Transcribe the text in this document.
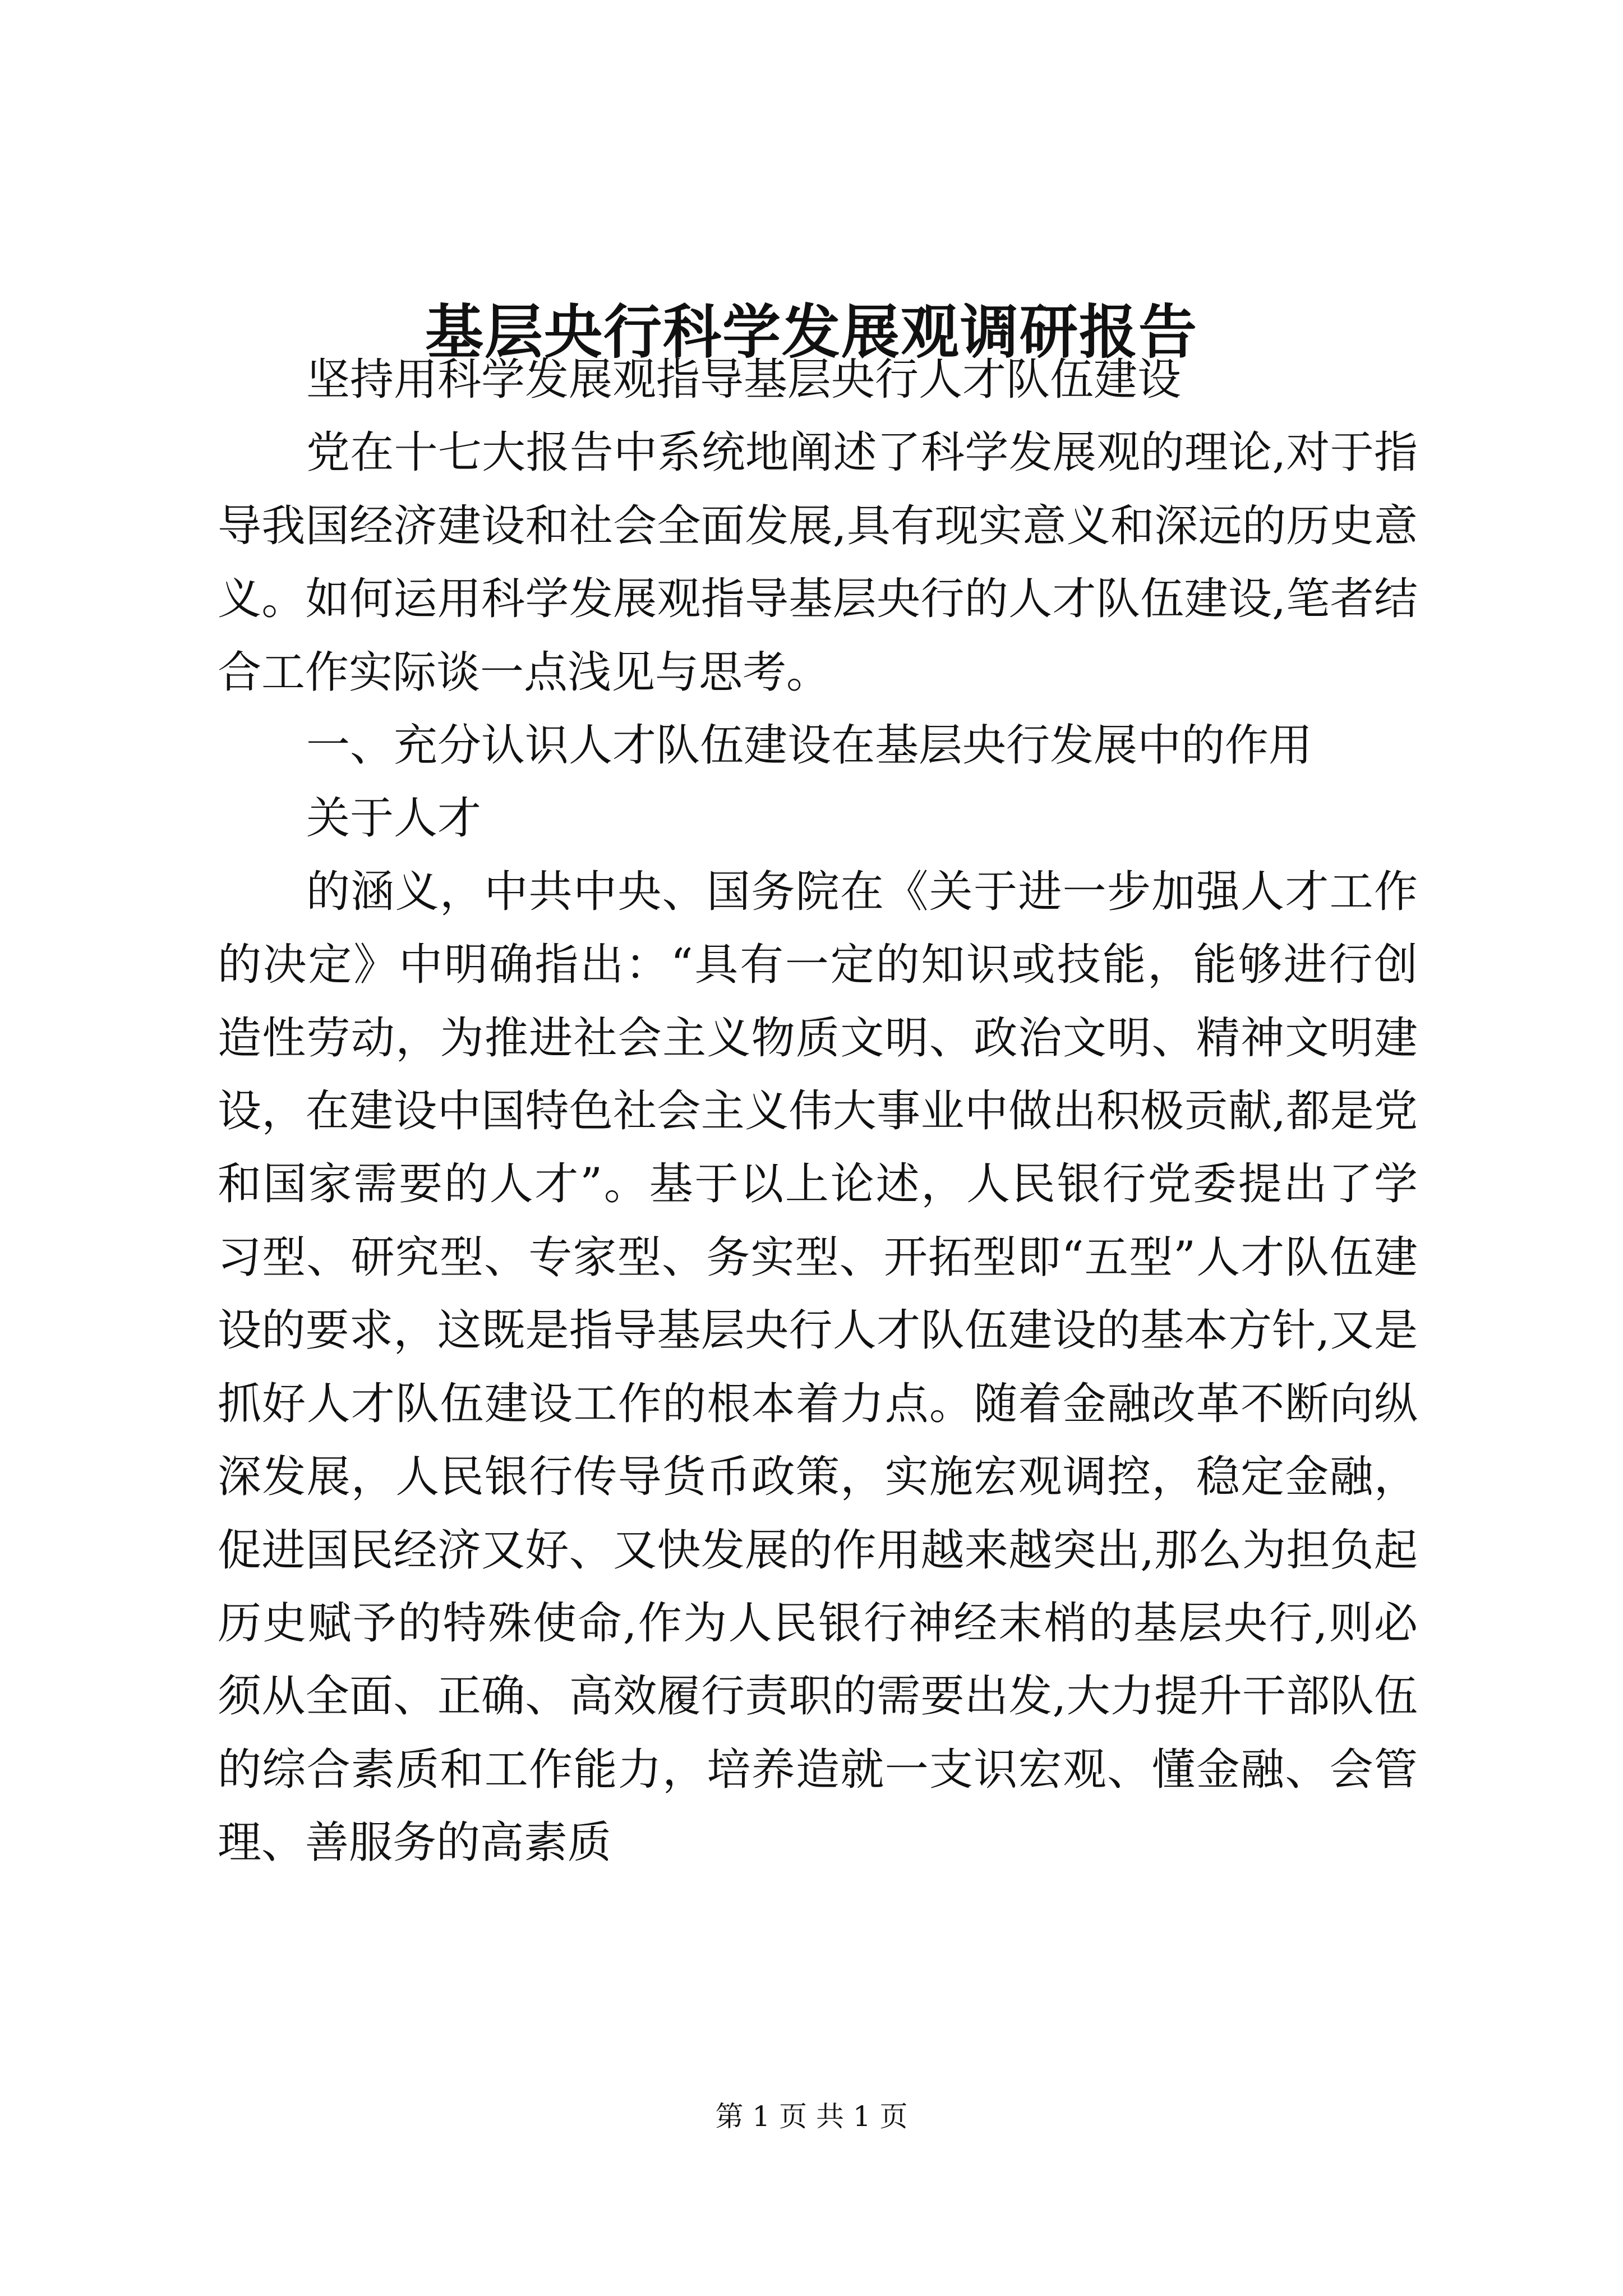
基层央行科学发展观调研报告

坚持用科学发展观指导基层央行人才队伍建设

党在十七大报告中系统地阐述了科学发展观的理论,对于指导我国经济建设和社会全面发展,具有现实意义和深远的历史意义。如何运用科学发展观指导基层央行的人才队伍建设,笔者结合工作实际谈一点浅见与思考。

一、充分认识人才队伍建设在基层央行发展中的作用

关于人才

的涵义，中共中央、国务院在《关于进一步加强人才工作的决定》中明确指出：“具有一定的知识或技能，能够进行创造性劳动，为推进社会主义物质文明、政治文明、精神文明建设，在建设中国特色社会主义伟大事业中做出积极贡献,都是党和国家需要的人才”。基于以上论述，人民银行党委提出了学习型、研究型、专家型、务实型、开拓型即“五型”人才队伍建设的要求，这既是指导基层央行人才队伍建设的基本方针,又是抓好人才队伍建设工作的根本着力点。随着金融改革不断向纵深发展，人民银行传导货币政策，实施宏观调控，稳定金融，促进国民经济又好、又快发展的作用越来越突出,那么为担负起历史赋予的特殊使命,作为人民银行神经末梢的基层央行,则必须从全面、正确、高效履行责职的需要出发,大力提升干部队伍的综合素质和工作能力，培养造就一支识宏观、懂金融、会管理、善服务的高素质

第 1 页 共 1 页
